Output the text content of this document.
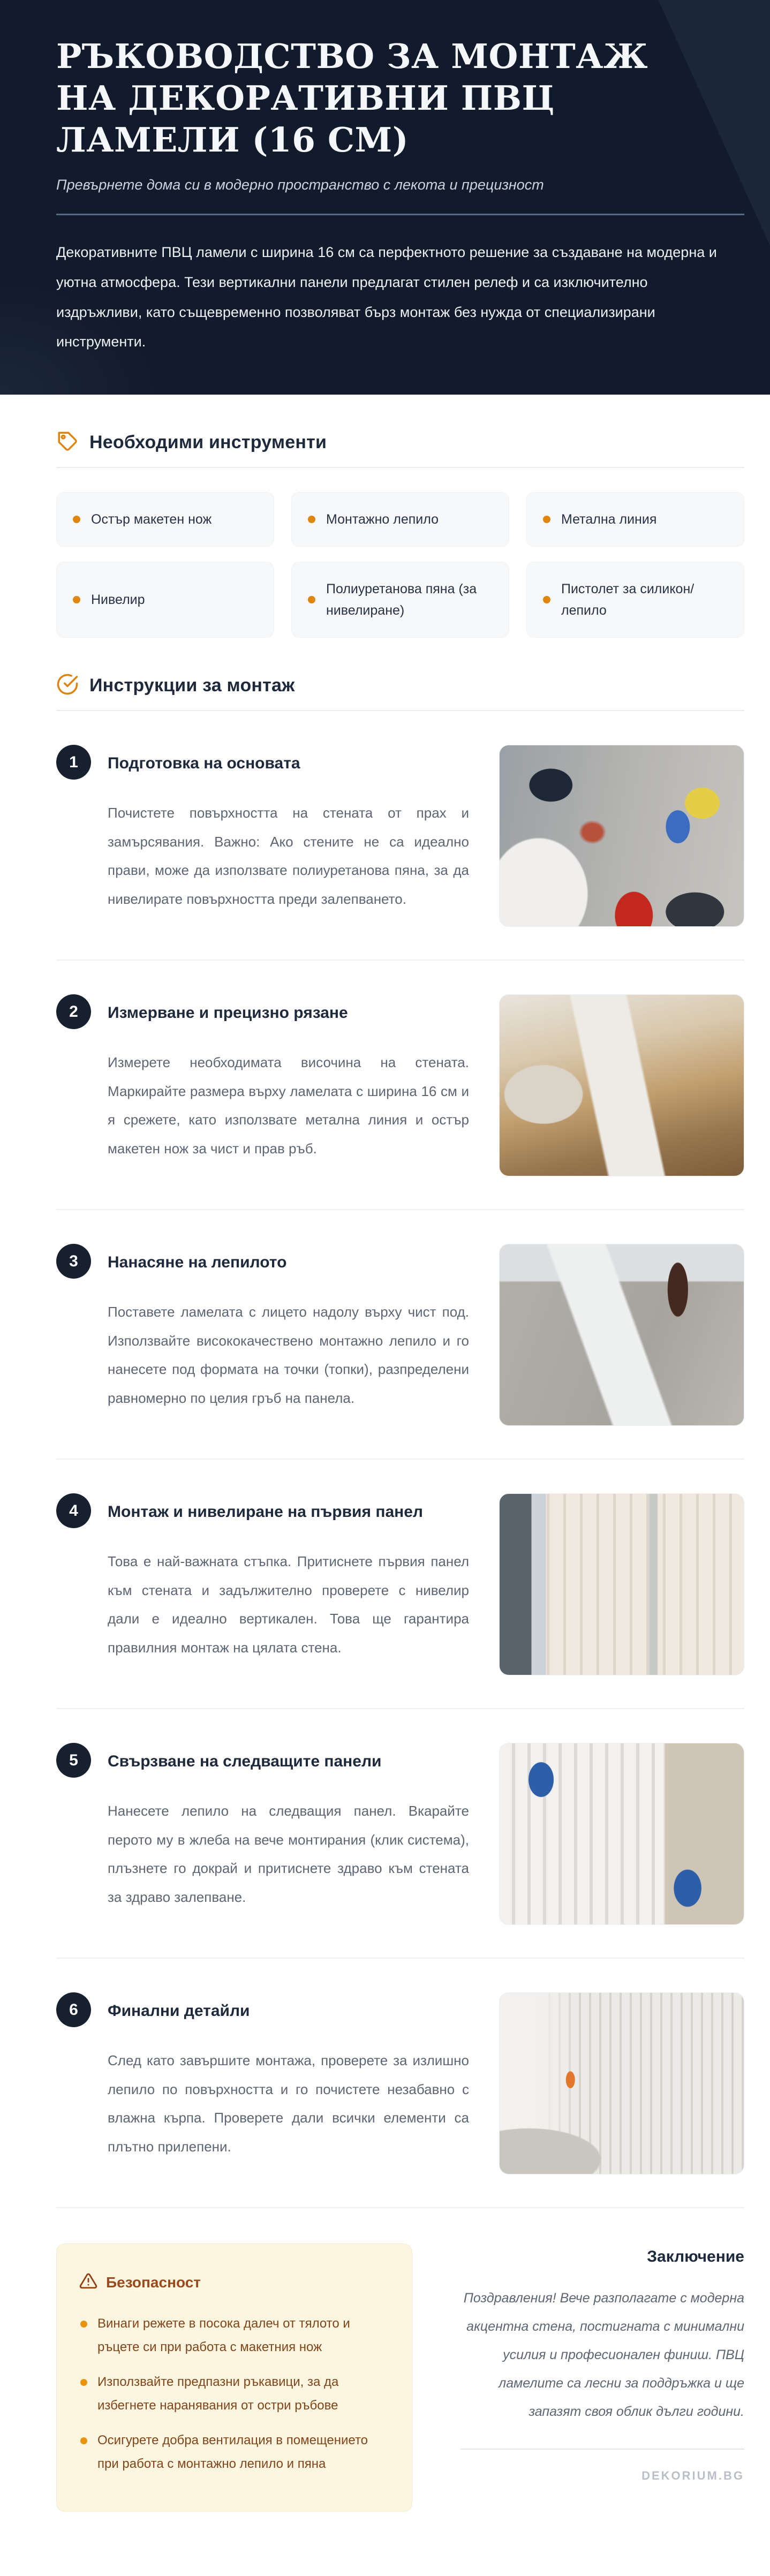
РЪКОВОДСТВО ЗА МОНТАЖ НА ДЕКОРАТИВНИ ПВЦ ЛАМЕЛИ (16 СМ)

Превърнете дома си в модерно пространство с лекота и прецизност

Декоративните ПВЦ ламели с ширина 16 см са перфектното решение за създаване на модерна и уютна атмосфера. Тези вертикални панели предлагат стилен релеф и са изключително издръжливи, като същевременно позволяват бърз монтаж без нужда от специализирани инструменти.

Необходими инструменти
Остър макетен нож	Монтажно лепило	Метална линия
Нивелир
Полиуретанова пяна (за нивелиране)
Пистолет за силикон/ лепило
Инструкции за монтаж
1 Подготовка на основата

Почистете повърхността на стената от прах и замърсявания. Важно: Ако стените не са идеално прави, може да използвате полиуретанова пяна, за да нивелирате повърхността преди залепването.

2 Измерване и прецизно рязане

Измерете необходимата височина на стената. Маркирайте размера върху ламелата с ширина 16 см и я срежете, като използвате метална линия и остър макетен нож за чист и прав ръб.

3 Нанасяне на лепилото

Поставете ламелата с лицето надолу върху чист под. Използвайте висококачествено монтажно лепило и го нанесете под формата на точки (топки), разпределени равномерно по целия гръб на панела.

4 Монтаж и нивелиране на първия панел

Това е най-важната стъпка. Притиснете първия панел към стената и задължително проверете с нивелир дали е идеално вертикален. Това ще гарантира правилния монтаж на цялата стена.

5 Свързване на следващите панели

Нанесете лепило на следващия панел. Вкарайте перото му в жлеба на вече монтирания (клик система), плъзнете го докрай и притиснете здраво към стената за здраво залепване.

6 Финални детайли

След като завършите монтажа, проверете за излишно лепило по повърхността и го почистете незабавно с влажна кърпа. Проверете дали всички елементи са плътно прилепени.

Безопасност
Винаги режете в посока далеч от тялото и ръцете си при работа с макетния нож
Използвайте предпазни ръкавици, за да избегнете наранявания от остри ръбове
Осигурете добра вентилация в помещението при работа с монтажно лепило и пяна
Заключение

Поздравления! Вече разполагате с модерна акцентна стена, постигната с минимални усилия и професионален финиш. ПВЦ ламелите са лесни за поддръжка и ще запазят своя облик дълги години.

DEKORIUM.BG
